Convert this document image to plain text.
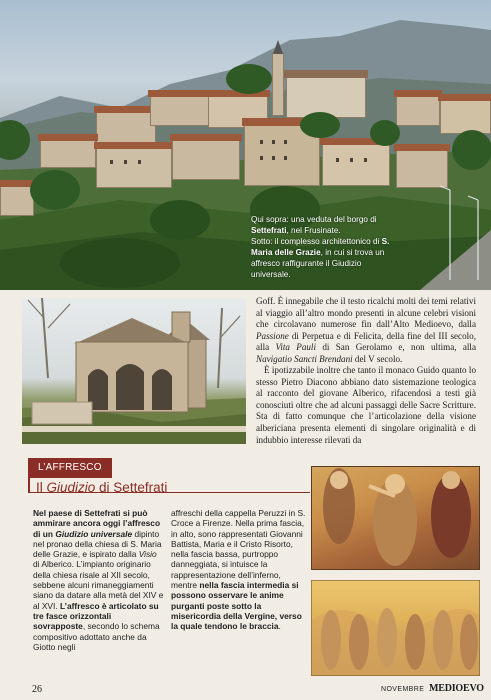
Qui sopra: una veduta del borgo di Settefrati, nel Frusinate.
Sotto: il complesso architettonico di S. Maria delle Grazie, in cui si trova un affresco raffigurante il Giudizio universale.

Goff. È innegabile che il testo ricalchi molti dei temi relativi al viaggio all’altro mondo presenti in alcune celebri visioni che circolavano numerose fin dall’Alto Medioevo, dalla Passione di Perpetua e di Felicita, della fine del III secolo, alla Vita Pauli di San Gerolamo e, non ultima, alla Navigatio Sancti Brendani del V secolo.

È ipotizzabile inoltre che tanto il monaco Guido quanto lo stesso Pietro Diacono abbiano dato sistemazione teologica al racconto del giovane Alberico, rifacendosi a testi già conosciuti oltre che ad alcuni passaggi delle Sacre Scritture. Sta di fatto comunque che l’articolazione della visione albericiana presenta elementi di singolare originalità e di indubbio interesse rilevati da

L’AFFRESCO
Il Giudizio di Settefrati
Nel paese di Settefrati si può ammirare ancora oggi l’affresco di un Giudizio universale dipinto nel pronao della chiesa di S. Maria delle Grazie, e ispirato dalla Visio di Alberico. L’impianto originario della chiesa risale al XII secolo, sebbene alcuni rimaneggiamenti siano da datare alla metà del XIV e al XVI. L’affresco è articolato su tre fasce orizzontali sovrapposte, secondo lo schema compositivo adottato anche da Giotto negli
affreschi della cappella Peruzzi in S. Croce a Firenze. Nella prima fascia, in alto, sono rappresentati Giovanni Battista, Maria e il Cristo Risorto, nella fascia bassa, purtroppo danneggiata, si intuisce la rappresentazione dell’inferno, mentre nella fascia intermedia si possono osservare le anime purganti poste sotto la misericordia della Vergine, verso la quale tendono le braccia.
26	NOVEMBRE MEDIOEVO
